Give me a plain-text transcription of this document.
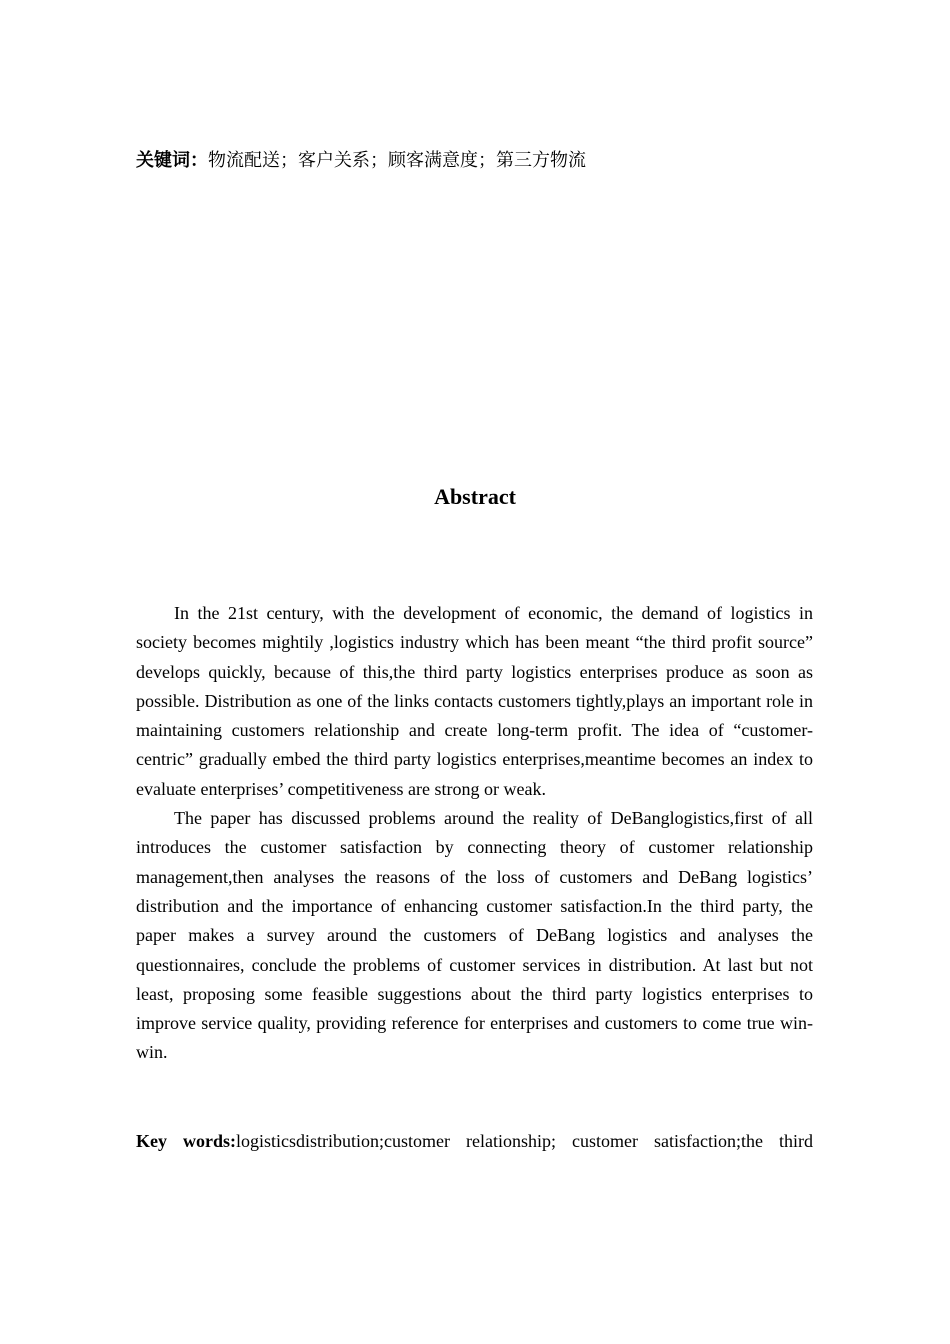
关键词：物流配送；客户关系；顾客满意度；第三方物流
Abstract

In the 21st century, with the development of economic, the demand of logistics in society becomes mightily ,logistics industry which has been meant “the third profit source” develops quickly, because of this,the third party logistics enterprises produce as soon as possible. Distribution as one of the links contacts customers tightly,plays an important role in maintaining customers relationship and create long-term profit. The idea of “customer-centric” gradually embed the third party logistics enterprises,meantime becomes an index to evaluate enterprises’ competitiveness are strong or weak.

The paper has discussed problems around the reality of DeBanglogistics,first of all introduces the customer satisfaction by connecting theory of customer relationship management,then analyses the reasons of the loss of customers and DeBang logistics’ distribution and the importance of enhancing customer satisfaction.In the third party, the paper makes a survey around the customers of DeBang logistics and analyses the questionnaires, conclude the problems of customer services in distribution. At last but not least, proposing some feasible suggestions about the third party logistics enterprises to improve service quality, providing reference for enterprises and customers to come true win-win.

Key words:logisticsdistribution;customer relationship; customer satisfaction;the third
